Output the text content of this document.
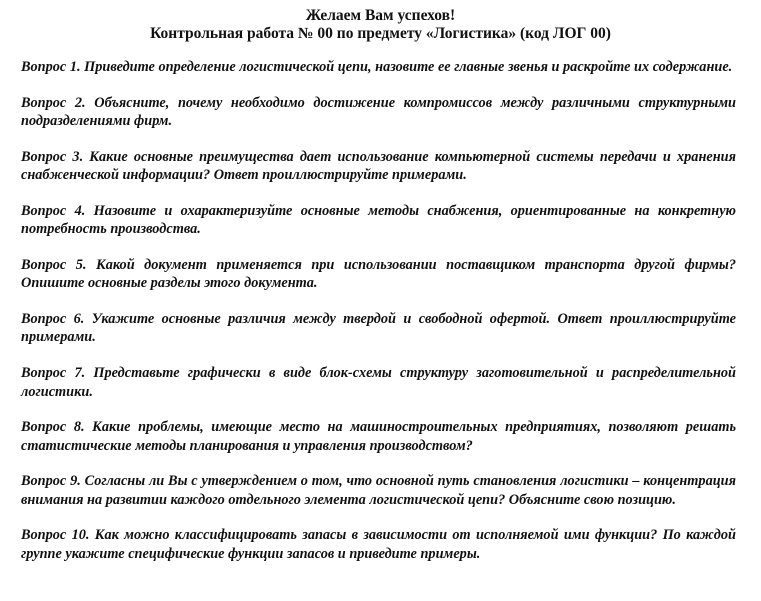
Желаем Вам успехов!
Контрольная работа № 00 по предмету «Логистика» (код ЛОГ 00)

Вопрос 1. Приведите определение логистической цепи, назовите ее главные звенья и раскройте их содержание.

Вопрос 2. Объясните, почему необходимо достижение компромиссов между различными структурными подразделениями фирм.

Вопрос 3. Какие основные преимущества дает использование компьютерной системы передачи и хранения снабженческой информации? Ответ проиллюстрируйте примерами.

Вопрос 4. Назовите и охарактеризуйте основные методы снабжения, ориентированные на конкретную потребность производства.

Вопрос 5. Какой документ применяется при использовании поставщиком транспорта другой фирмы? Опишите основные разделы этого документа.

Вопрос 6. Укажите основные различия между твердой и свободной офертой. Ответ проиллюстрируйте примерами.

Вопрос 7. Представьте графически в виде блок-схемы структуру заготовительной и распределительной логистики.

Вопрос 8. Какие проблемы, имеющие место на машиностроительных предприятиях, позволяют решать статистические методы планирования и управления производством?

Вопрос 9. Согласны ли Вы с утверждением о том, что основной путь становления логистики – концентрация внимания на развитии каждого отдельного элемента логистической цепи? Объясните свою позицию.

Вопрос 10. Как можно классифицировать запасы в зависимости от исполняемой ими функции? По каждой группе укажите специфические функции запасов и приведите примеры.
